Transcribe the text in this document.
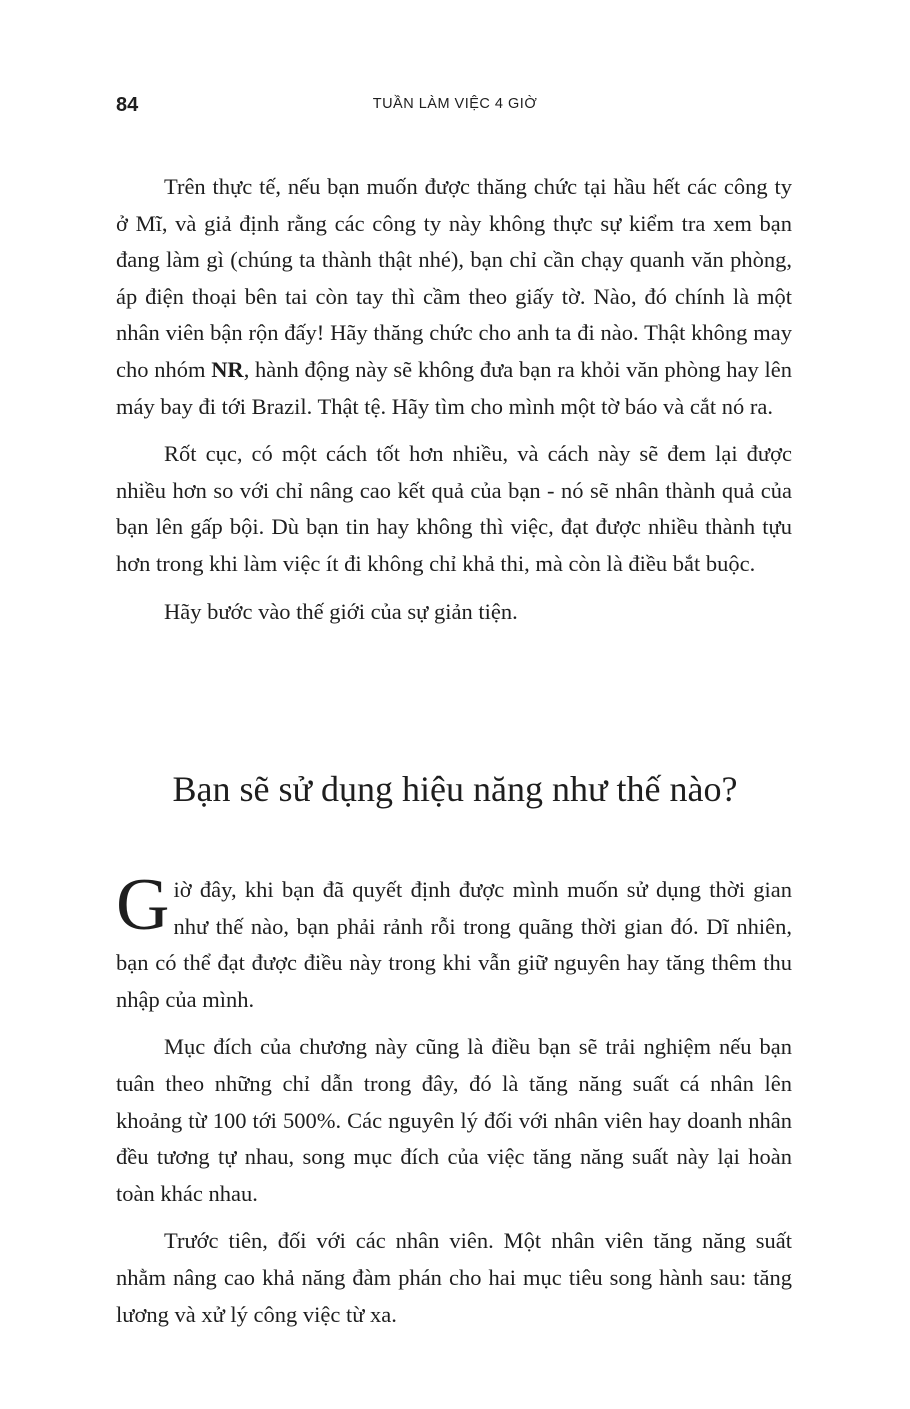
84	TUẦN LÀM VIỆC 4 GIỜ

Trên thực tế, nếu bạn muốn được thăng chức tại hầu hết các công ty ở Mĩ, và giả định rằng các công ty này không thực sự kiểm tra xem bạn đang làm gì (chúng ta thành thật nhé), bạn chỉ cần chạy quanh văn phòng, áp điện thoại bên tai còn tay thì cầm theo giấy tờ. Nào, đó chính là một nhân viên bận rộn đấy! Hãy thăng chức cho anh ta đi nào. Thật không may cho nhóm NR, hành động này sẽ không đưa bạn ra khỏi văn phòng hay lên máy bay đi tới Brazil. Thật tệ. Hãy tìm cho mình một tờ báo và cắt nó ra.

Rốt cục, có một cách tốt hơn nhiều, và cách này sẽ đem lại được nhiều hơn so với chỉ nâng cao kết quả của bạn - nó sẽ nhân thành quả của bạn lên gấp bội. Dù bạn tin hay không thì việc, đạt được nhiều thành tựu hơn trong khi làm việc ít đi không chỉ khả thi, mà còn là điều bắt buộc.

Hãy bước vào thế giới của sự giản tiện.

Bạn sẽ sử dụng hiệu năng như thế nào?

Giờ đây, khi bạn đã quyết định được mình muốn sử dụng thời gian như thế nào, bạn phải rảnh rỗi trong quãng thời gian đó. Dĩ nhiên, bạn có thể đạt được điều này trong khi vẫn giữ nguyên hay tăng thêm thu nhập của mình.

Mục đích của chương này cũng là điều bạn sẽ trải nghiệm nếu bạn tuân theo những chỉ dẫn trong đây, đó là tăng năng suất cá nhân lên khoảng từ 100 tới 500%. Các nguyên lý đối với nhân viên hay doanh nhân đều tương tự nhau, song mục đích của việc tăng năng suất này lại hoàn toàn khác nhau.

Trước tiên, đối với các nhân viên. Một nhân viên tăng năng suất nhằm nâng cao khả năng đàm phán cho hai mục tiêu song hành sau: tăng lương và xử lý công việc từ xa.
